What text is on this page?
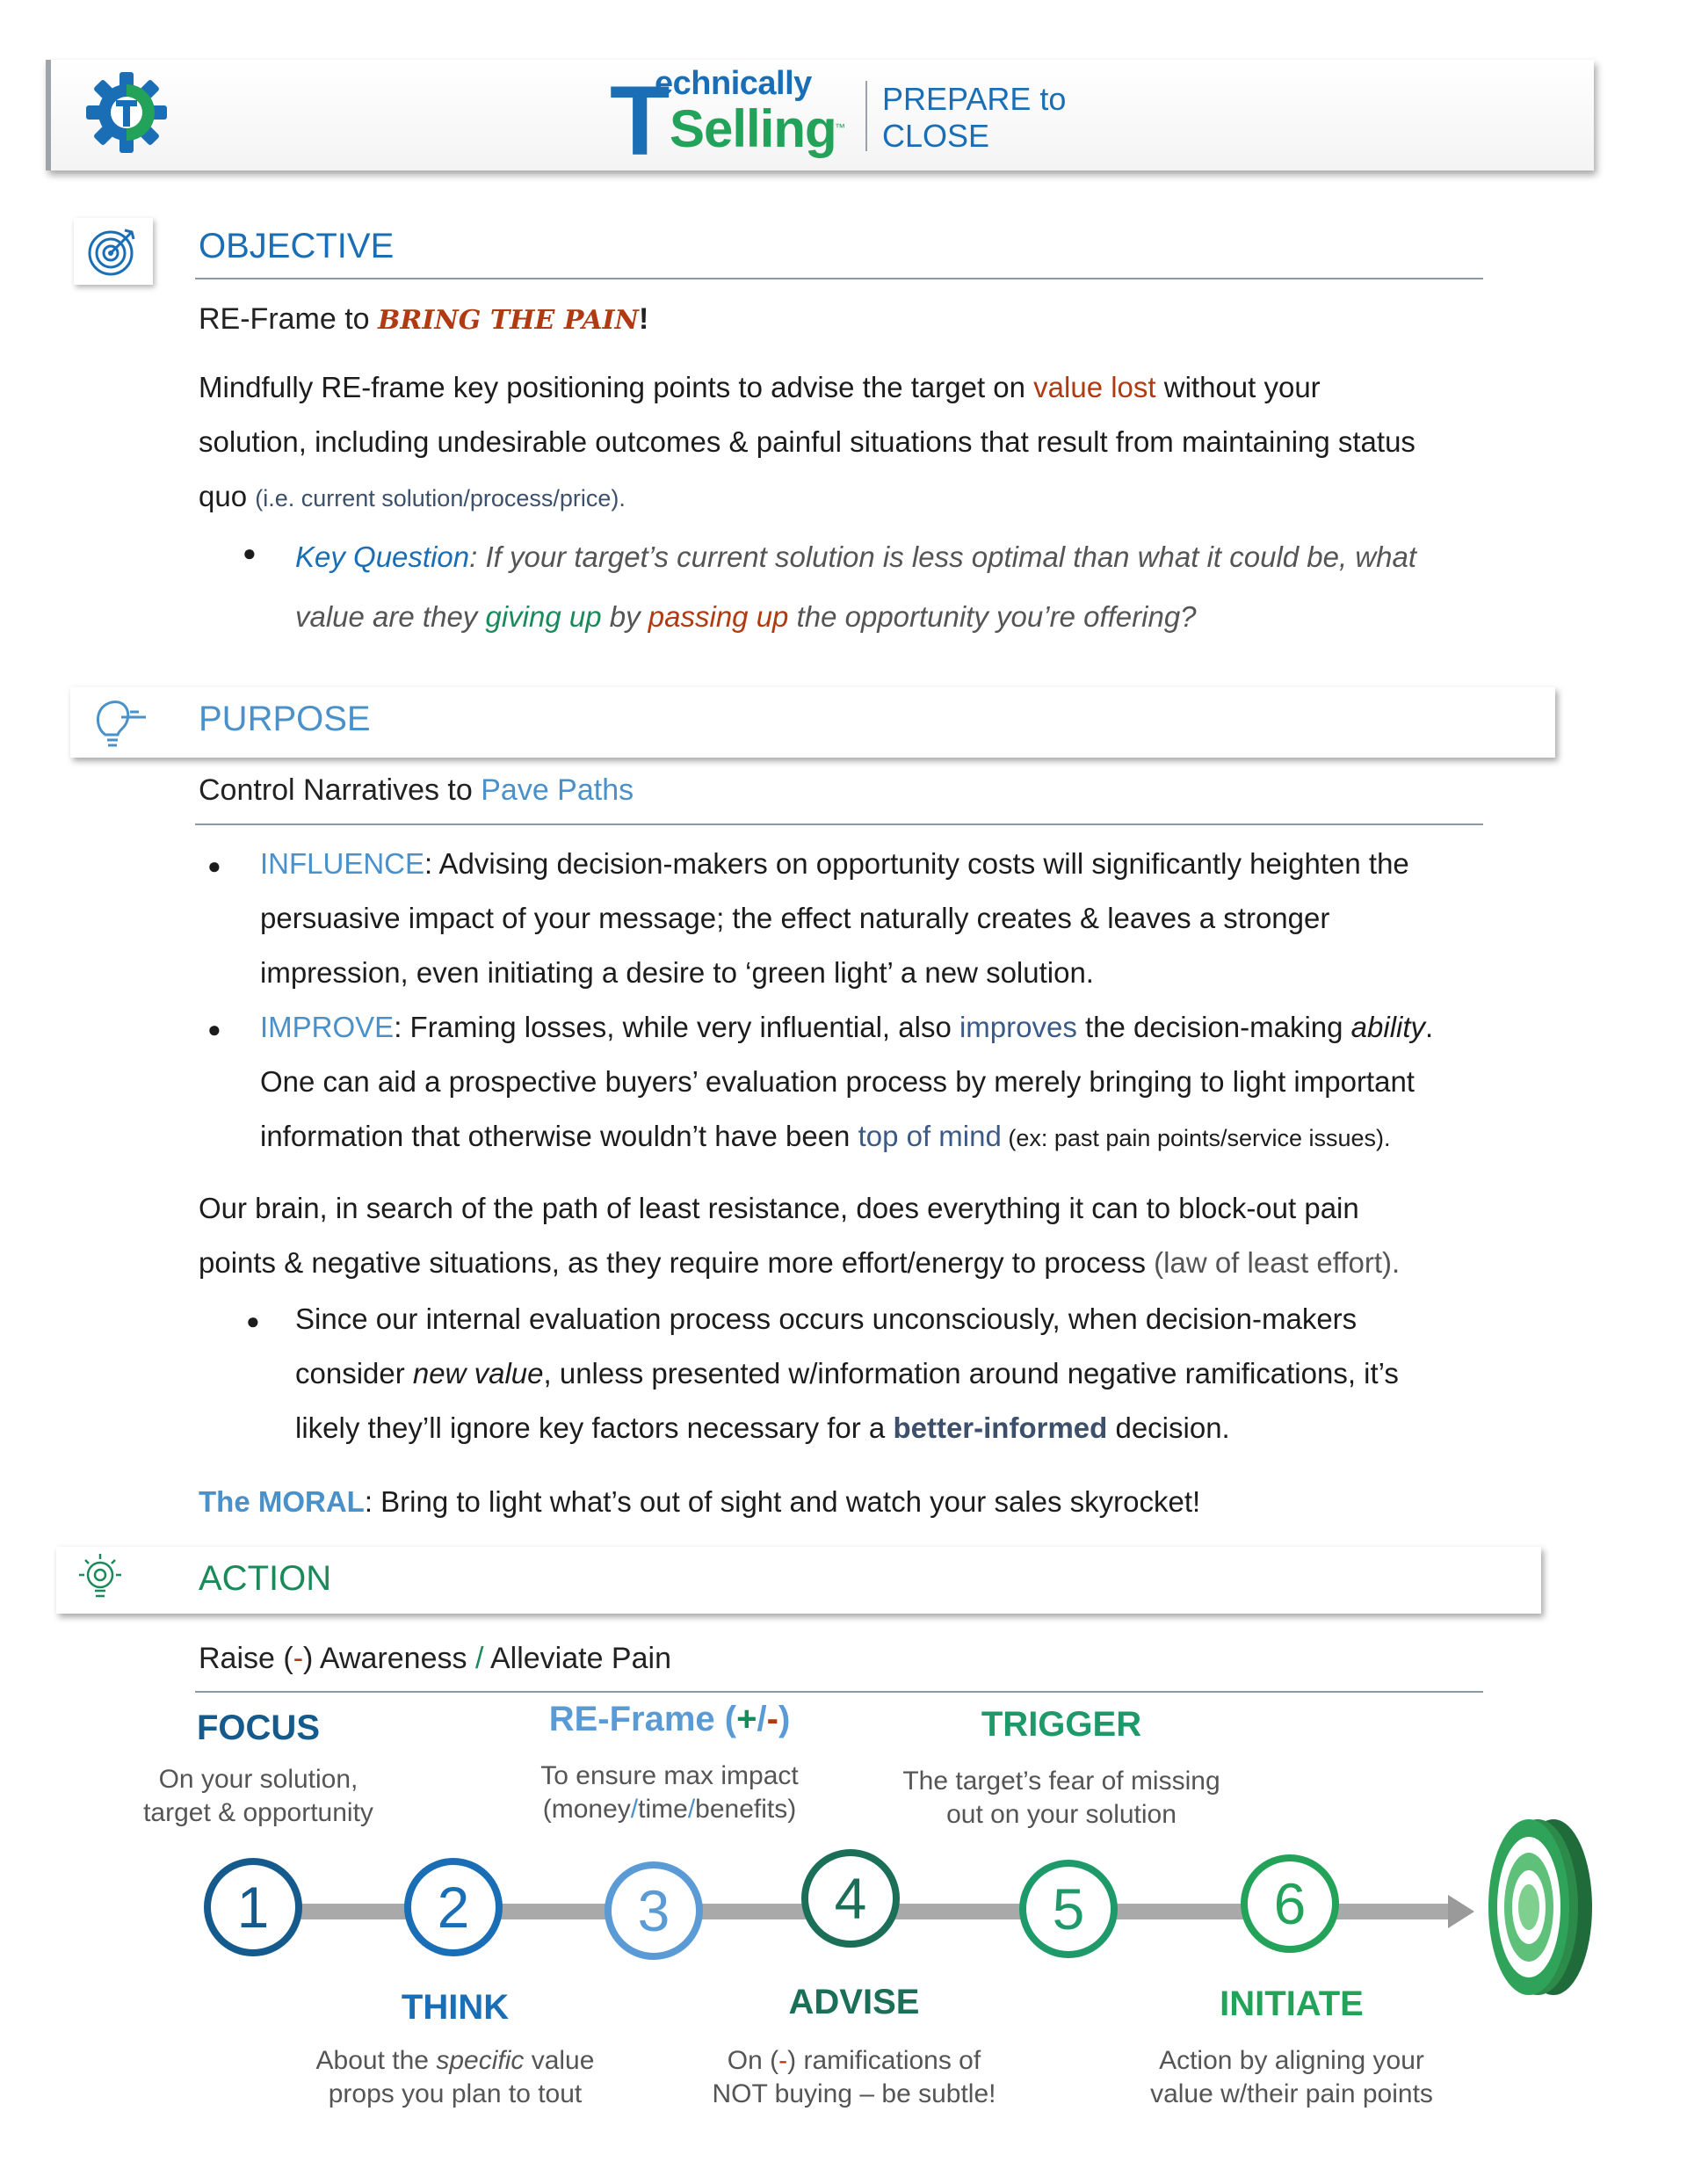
T
echnically
Selling
™
PREPARE to
CLOSE
OBJECTIVE
RE-Frame to BRING THE PAIN!
Mindfully RE-frame key positioning points to advise the target on value lost without your
solution, including undesirable outcomes & painful situations that result from maintaining status
quo (i.e. current solution/process/price).
● Key Question: If your target’s current solution is less optimal than what it could be, what
value are they giving up by passing up the opportunity you’re offering?
PURPOSE
Control Narratives to Pave Paths
● INFLUENCE: Advising decision-makers on opportunity costs will significantly heighten the
persuasive impact of your message; the effect naturally creates & leaves a stronger
impression, even initiating a desire to ‘green light’ a new solution.
● IMPROVE: Framing losses, while very influential, also improves the decision-making ability.
One can aid a prospective buyers’ evaluation process by merely bringing to light important
information that otherwise wouldn’t have been top of mind (ex: past pain points/service issues).
Our brain, in search of the path of least resistance, does everything it can to block-out pain
points & negative situations, as they require more effort/energy to process (law of least effort).
● Since our internal evaluation process occurs unconsciously, when decision-makers
consider new value, unless presented w/information around negative ramifications, it’s
likely they’ll ignore key factors necessary for a better-informed decision.
The MORAL: Bring to light what’s out of sight and watch your sales skyrocket!
ACTION
Raise (-) Awareness / Alleviate Pain
FOCUS
On your solution,
target & opportunity
1	2
THINK
About the specific value
props you plan to tout
RE-Frame (+/-)
To ensure max impact
(money/time/benefits)
3	4
ADVISE
On (-) ramifications of
NOT buying – be subtle!
TRIGGER
The target’s fear of missing
out on your solution
5	6
INITIATE
Action by aligning your
value w/their pain points
